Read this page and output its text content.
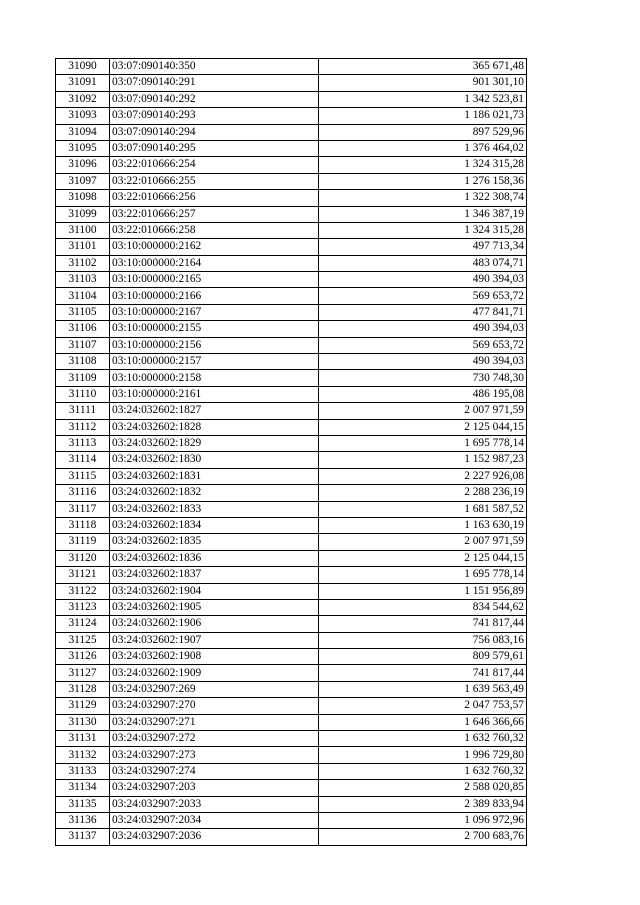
31090	03:07:090140:350	365 671,48
31091	03:07:090140:291	901 301,10
31092	03:07:090140:292	1 342 523,81
31093	03:07:090140:293	1 186 021,73
31094	03:07:090140:294	897 529,96
31095	03:07:090140:295	1 376 464,02
31096	03:22:010666:254	1 324 315,28
31097	03:22:010666:255	1 276 158,36
31098	03:22:010666:256	1 322 308,74
31099	03:22:010666:257	1 346 387,19
31100	03:22:010666:258	1 324 315,28
31101	03:10:000000:2162	497 713,34
31102	03:10:000000:2164	483 074,71
31103	03:10:000000:2165	490 394,03
31104	03:10:000000:2166	569 653,72
31105	03:10:000000:2167	477 841,71
31106	03:10:000000:2155	490 394,03
31107	03:10:000000:2156	569 653,72
31108	03:10:000000:2157	490 394,03
31109	03:10:000000:2158	730 748,30
31110	03:10:000000:2161	486 195,08
31111	03:24:032602:1827	2 007 971,59
31112	03:24:032602:1828	2 125 044,15
31113	03:24:032602:1829	1 695 778,14
31114	03:24:032602:1830	1 152 987,23
31115	03:24:032602:1831	2 227 926,08
31116	03:24:032602:1832	2 288 236,19
31117	03:24:032602:1833	1 681 587,52
31118	03:24:032602:1834	1 163 630,19
31119	03:24:032602:1835	2 007 971,59
31120	03:24:032602:1836	2 125 044,15
31121	03:24:032602:1837	1 695 778,14
31122	03:24:032602:1904	1 151 956,89
31123	03:24:032602:1905	834 544,62
31124	03:24:032602:1906	741 817,44
31125	03:24:032602:1907	756 083,16
31126	03:24:032602:1908	809 579,61
31127	03:24:032602:1909	741 817,44
31128	03:24:032907:269	1 639 563,49
31129	03:24:032907:270	2 047 753,57
31130	03:24:032907:271	1 646 366,66
31131	03:24:032907:272	1 632 760,32
31132	03:24:032907:273	1 996 729,80
31133	03:24:032907:274	1 632 760,32
31134	03:24:032907:203	2 588 020,85
31135	03:24:032907:2033	2 389 833,94
31136	03:24:032907:2034	1 096 972,96
31137	03:24:032907:2036	2 700 683,76
